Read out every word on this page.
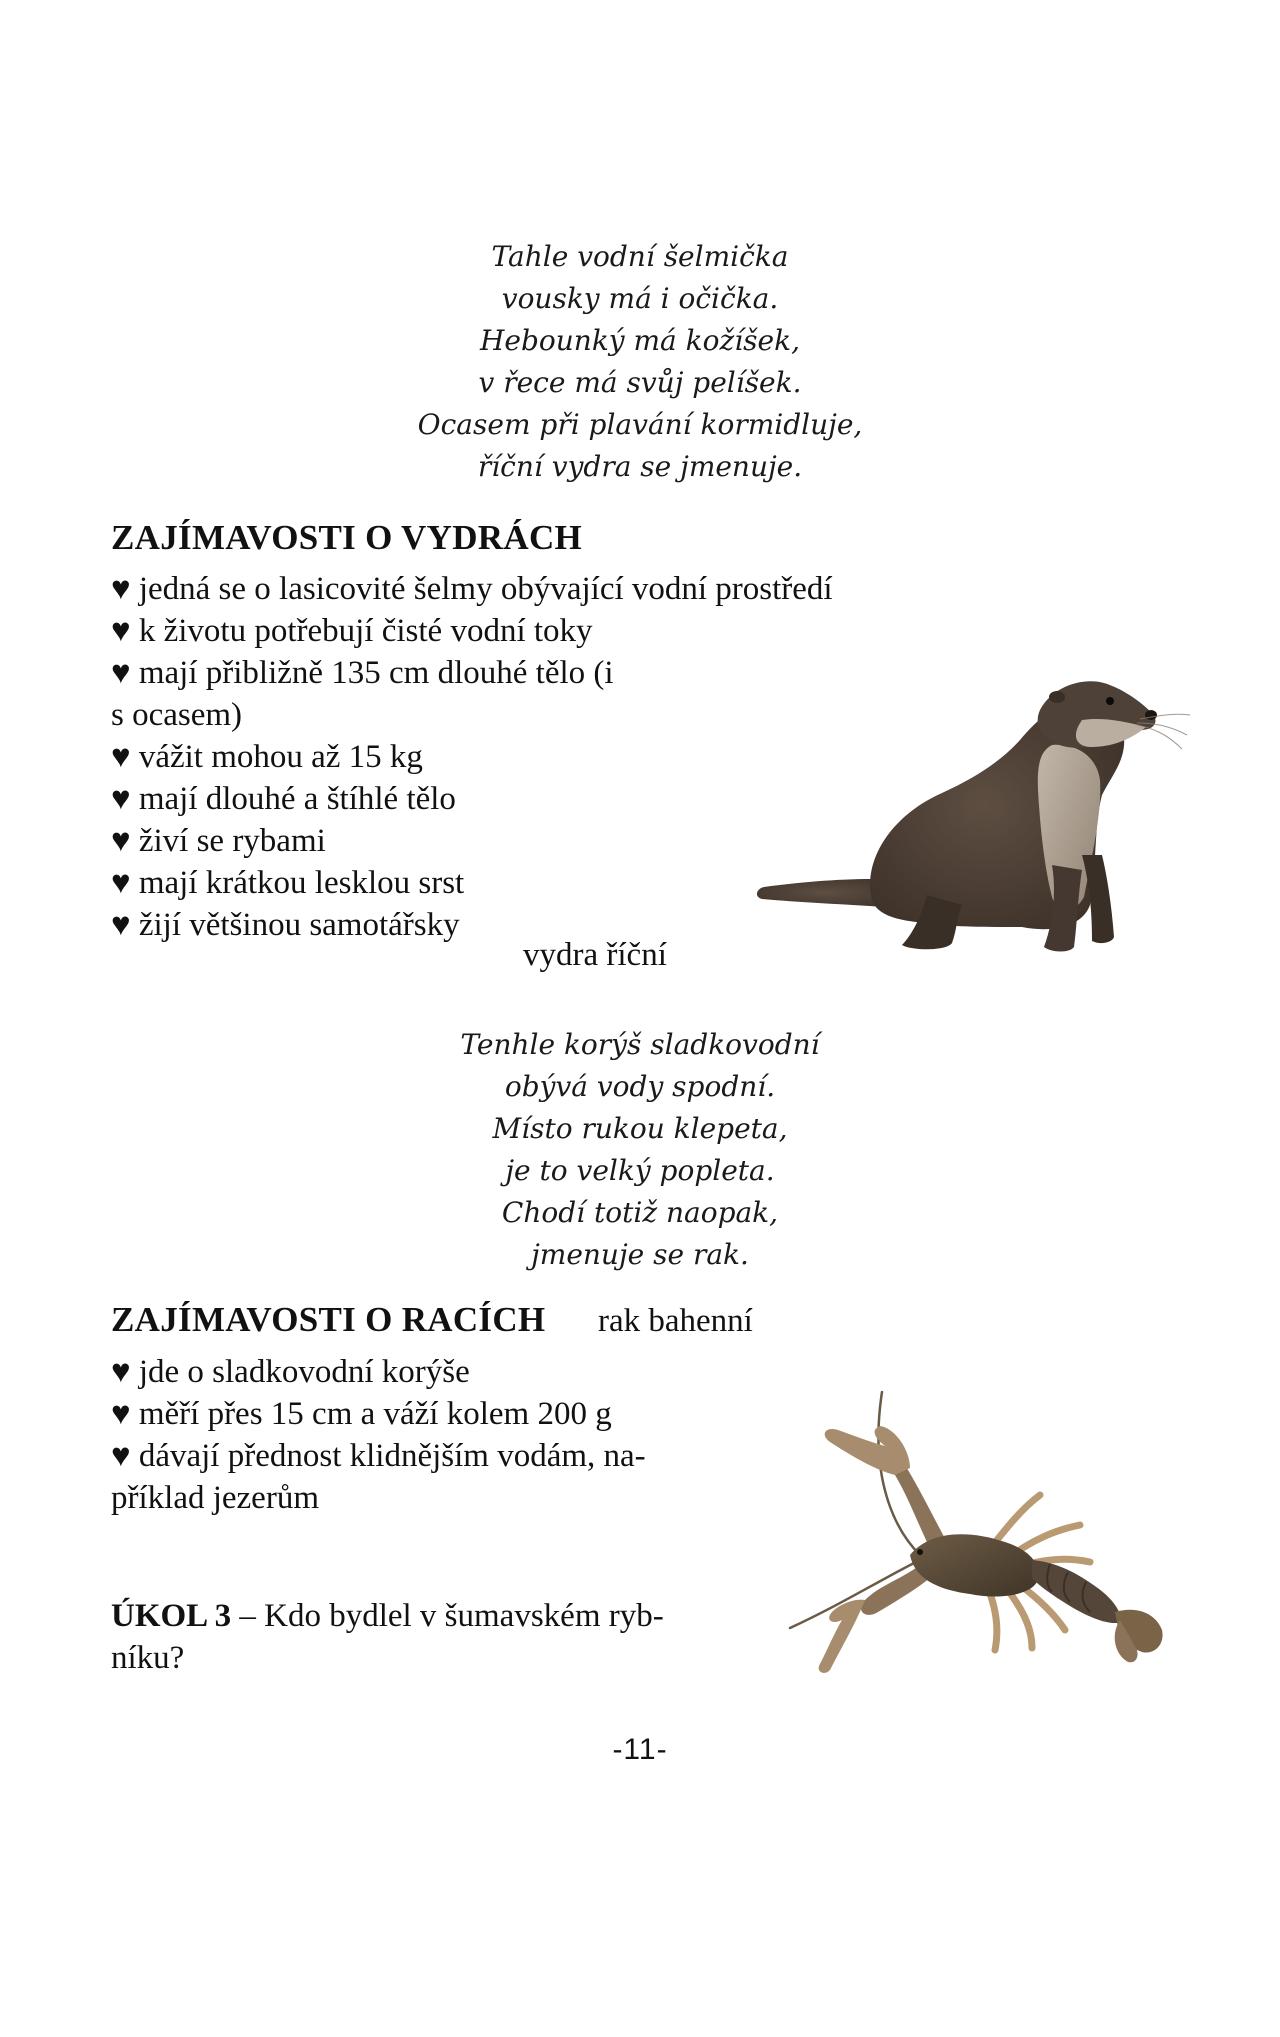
Tahle vodní šelmička
vousky má i očička.
Hebounký má kožíšek,
v řece má svůj pelíšek.
Ocasem při plavání kormidluje,
říční vydra se jmenuje.
ZAJÍMAVOSTI O VYDRÁCH
♥ jedná se o lasicovité šelmy obývající vodní prostředí
♥ k životu potřebují čisté vodní toky
♥ mají přibližně 135 cm dlouhé tělo (i
s ocasem)
♥ vážit mohou až 15 kg
♥ mají dlouhé a štíhlé tělo
♥ živí se rybami
♥ mají krátkou lesklou srst
♥ žijí většinou samotářsky
vydra říční
Tenhle korýš sladkovodní
obývá vody spodní.
Místo rukou klepeta,
je to velký popleta.
Chodí totiž naopak,
jmenuje se rak.
ZAJÍMAVOSTI O RACÍCH rak bahenní
♥ jde o sladkovodní korýše
♥ měří přes 15 cm a váží kolem 200 g
♥ dávají přednost klidnějším vodám, na-
příklad jezerům
ÚKOL 3 – Kdo bydlel v šumavském ryb-
níku?
-11-
